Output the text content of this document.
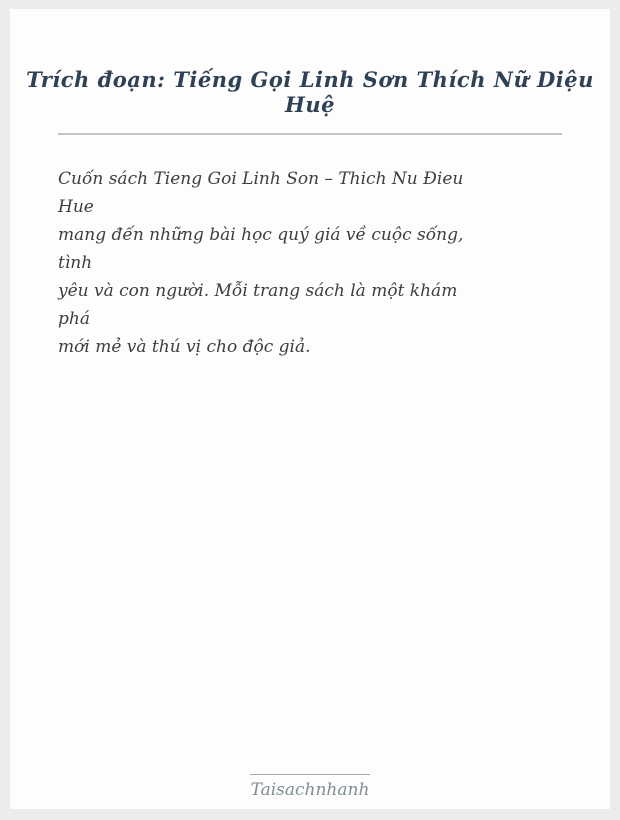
Trích đoạn: Tiếng Gọi Linh Sơn Thích Nữ Diệu Huệ
Cuốn sách Tieng Goi Linh Son – Thich Nu Đieu
Hue
mang đến những bài học quý giá về cuộc sống,
tình
yêu và con người. Mỗi trang sách là một khám
phá
mới mẻ và thú vị cho độc giả.
Taisachnhanh
